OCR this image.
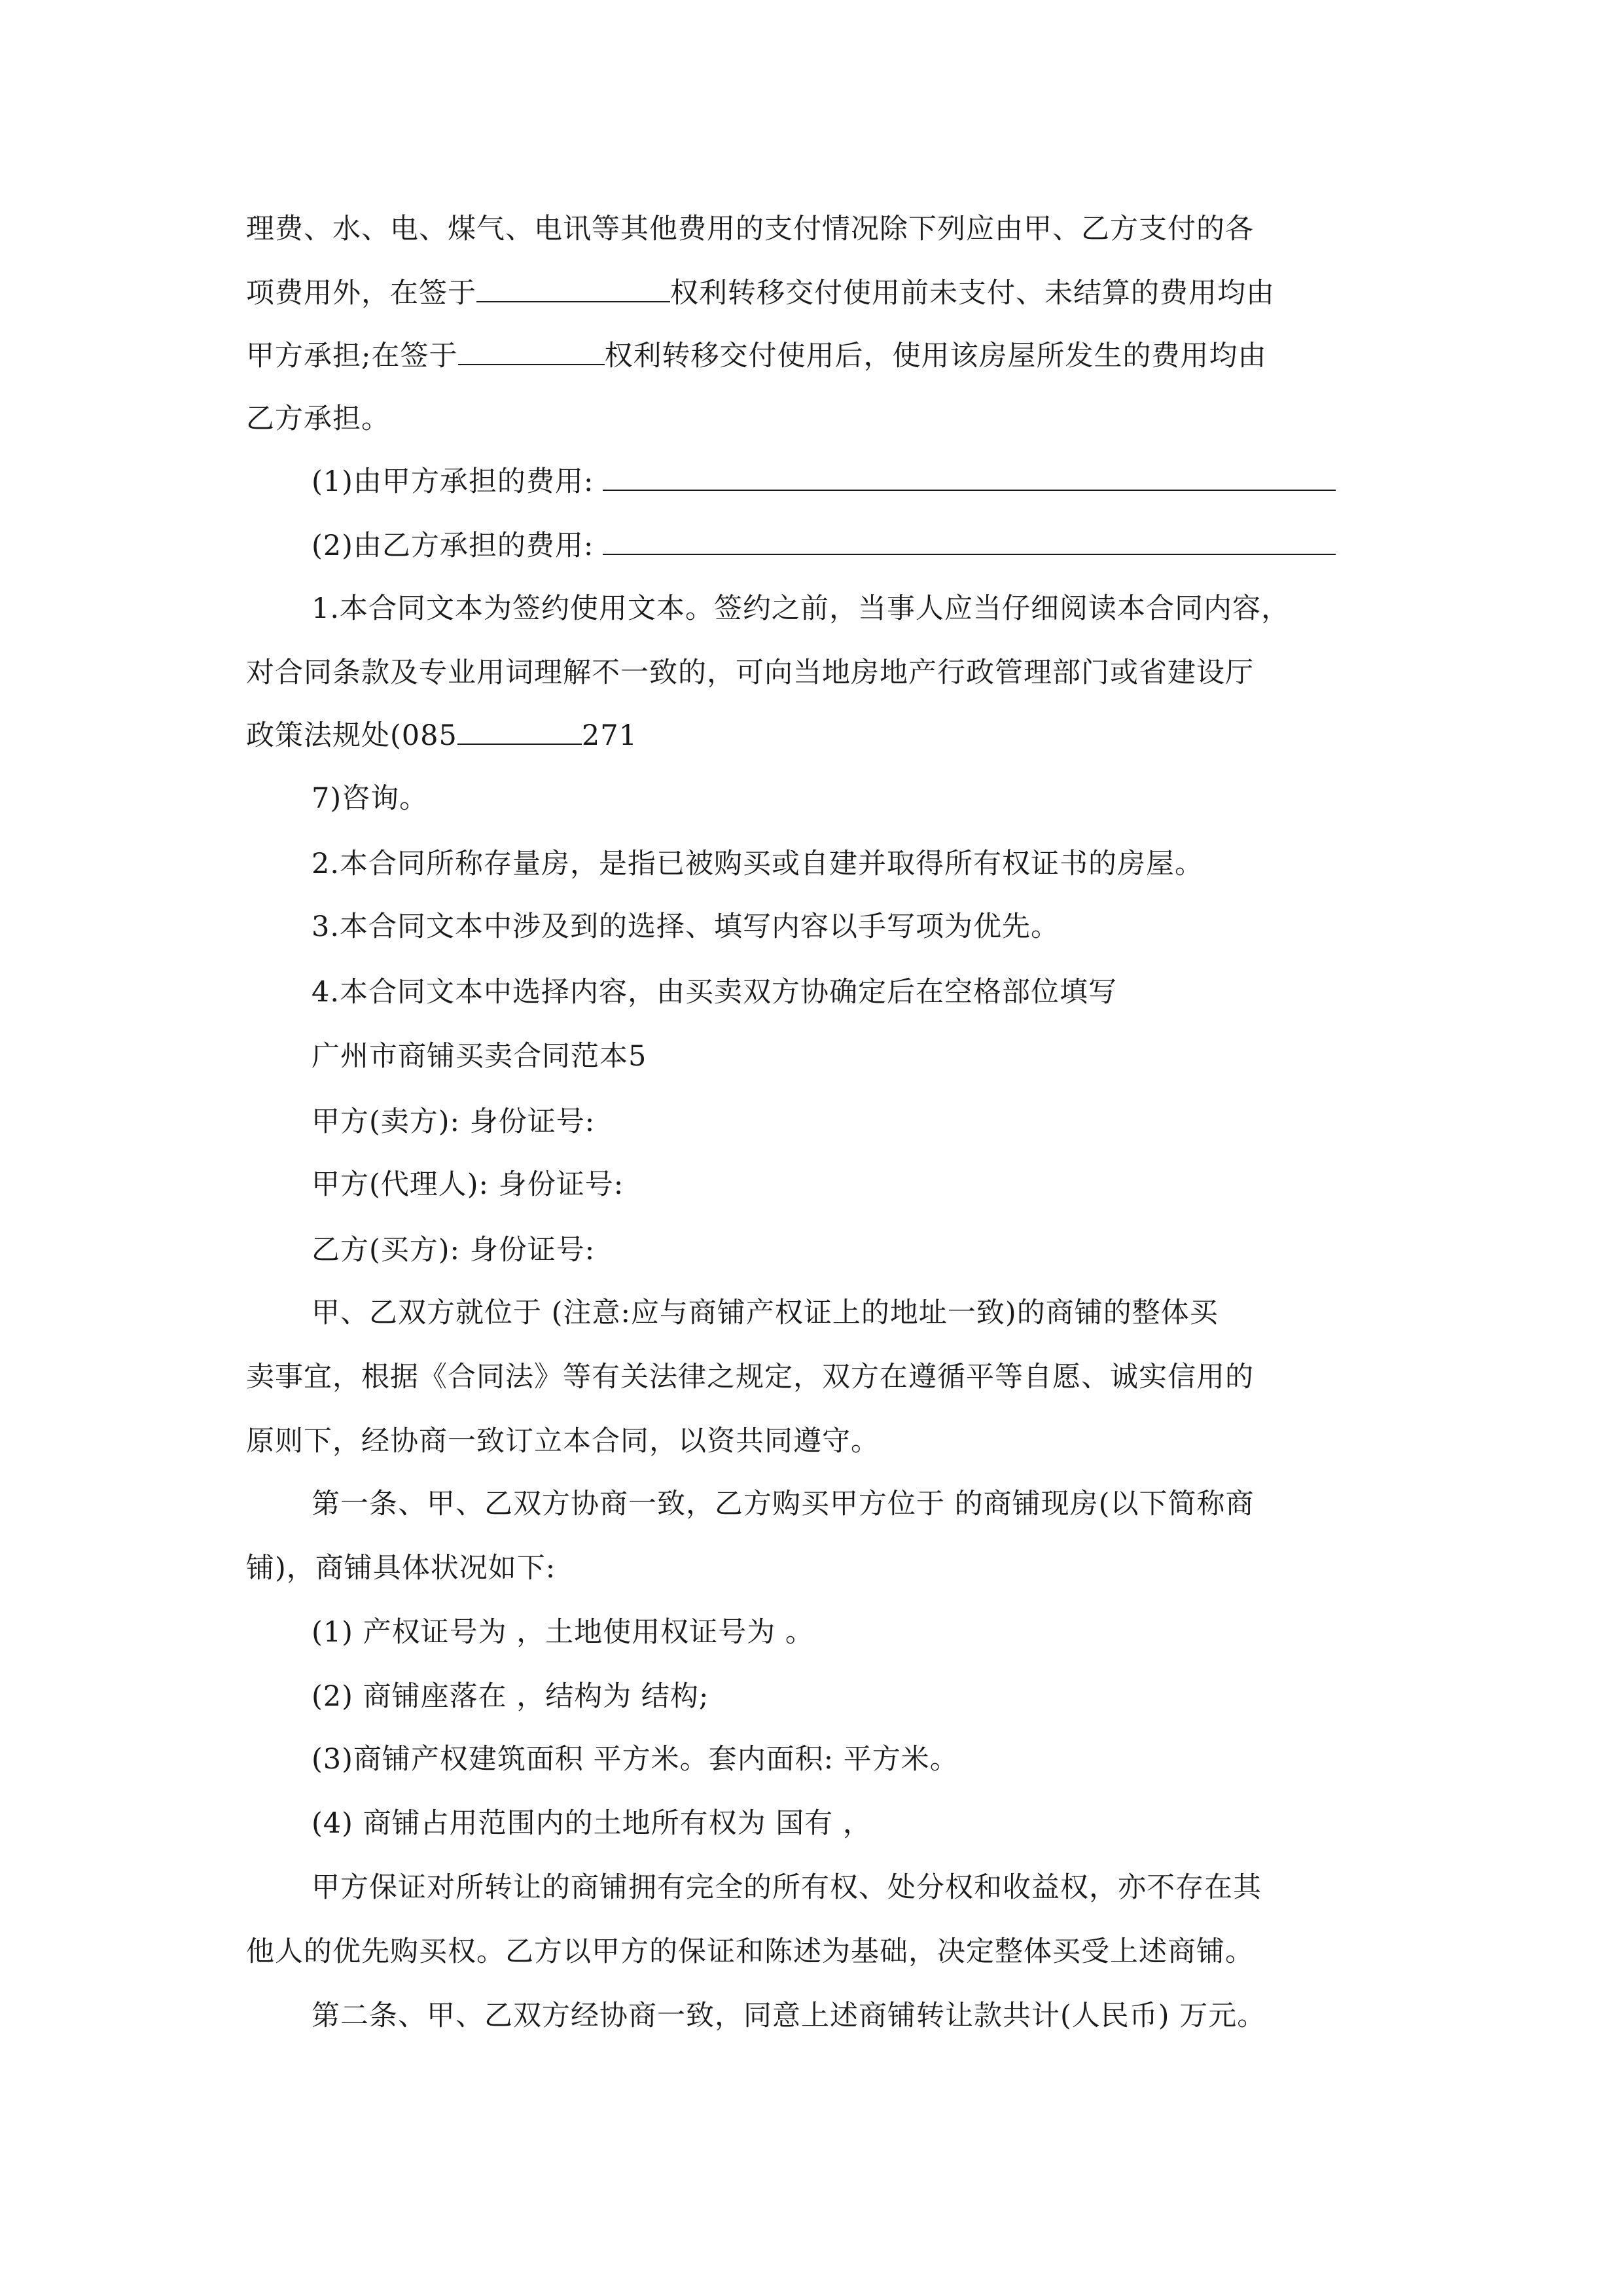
理费、水、电、煤气、电讯等其他费用的支付情况除下列应由甲、乙方支付的各
项费用外，在签于	权利转移交付使用前未支付、未结算的费用均由
甲方承担;在签于	权利转移交付使用后，使用该房屋所发生的费用均由
乙方承担。
(1)由甲方承担的费用:
(2)由乙方承担的费用:
1.本合同文本为签约使用文本。签约之前，当事人应当仔细阅读本合同内容，
对合同条款及专业用词理解不一致的，可向当地房地产行政管理部门或省建设厅
政策法规处(085	271
7)咨询。
2.本合同所称存量房，是指已被购买或自建并取得所有权证书的房屋。
3.本合同文本中涉及到的选择、填写内容以手写项为优先。
4.本合同文本中选择内容，由买卖双方协确定后在空格部位填写
广州市商铺买卖合同范本5
甲方(卖方): 身份证号:
甲方(代理人): 身份证号:
乙方(买方): 身份证号:
甲、乙双方就位于 (注意:应与商铺产权证上的地址一致)的商铺的整体买
卖事宜，根据《合同法》等有关法律之规定，双方在遵循平等自愿、诚实信用的
原则下，经协商一致订立本合同，以资共同遵守。
第一条、甲、乙双方协商一致，乙方购买甲方位于 的商铺现房(以下简称商
铺)，商铺具体状况如下:
(1) 产权证号为 ，土地使用权证号为 。
(2) 商铺座落在 ，结构为 结构;
(3)商铺产权建筑面积 平方米。套内面积: 平方米。
(4) 商铺占用范围内的土地所有权为 国有 ，
甲方保证对所转让的商铺拥有完全的所有权、处分权和收益权，亦不存在其
他人的优先购买权。乙方以甲方的保证和陈述为基础，决定整体买受上述商铺。
第二条、甲、乙双方经协商一致，同意上述商铺转让款共计(人民币) 万元。
